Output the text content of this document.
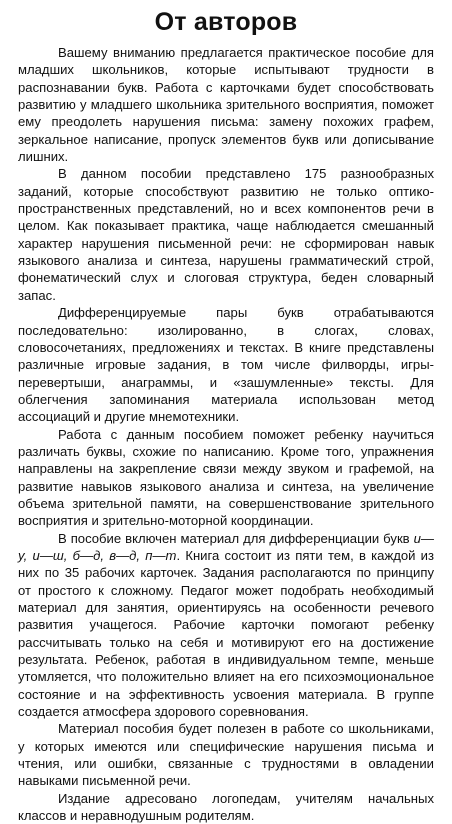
От авторов

Вашему вниманию предлагается практическое пособие для младших школьников, которые испытывают трудности в распознавании букв. Работа с карточками будет способствовать развитию у младшего школьника зрительного восприятия, поможет ему преодолеть нарушения письма: замену похожих графем, зеркальное написание, пропуск элементов букв или дописывание лишних.

В данном пособии представлено 175 разнообразных заданий, которые способствуют развитию не только оптико-пространственных представлений, но и всех компонентов речи в целом. Как показывает практика, чаще наблюдается смешанный характер нарушения письменной речи: не сформирован навык языкового анализа и синтеза, нарушены грамматический строй, фонематический слух и слоговая структура, беден словарный запас.

Дифференцируемые пары букв отрабатываются последовательно: изолированно, в слогах, словах, словосочетаниях, предложениях и текстах. В книге представлены различные игровые задания, в том числе филворды, игры-перевертыши, анаграммы, и «зашумленные» тексты. Для облегчения запоминания материала использован метод ассоциаций и другие мнемотехники.

Работа с данным пособием поможет ребенку научиться различать буквы, схожие по написанию. Кроме того, упражнения направлены на закрепление связи между звуком и графемой, на развитие навыков языкового анализа и синтеза, на увеличение объема зрительной памяти, на совершенствование зрительного восприятия и зрительно-моторной координации.

В пособие включен материал для дифференциации букв и—у, и—ш, б—д, в—д, п—т. Книга состоит из пяти тем, в каждой из них по 35 рабочих карточек. Задания располагаются по принципу от простого к сложному. Педагог может подобрать необходимый материал для занятия, ориентируясь на особенности речевого развития учащегося. Рабочие карточки помогают ребенку рассчитывать только на себя и мотивируют его на достижение результата. Ребенок, работая в индивидуальном темпе, меньше утомляется, что положительно влияет на его психоэмоциональное состояние и на эффективность усвоения материала. В группе создается атмосфера здорового соревнования.

Материал пособия будет полезен в работе со школьниками, у которых имеются или специфические нарушения письма и чтения, или ошибки, связанные с трудностями в овладении навыками письменной речи.

Издание адресовано логопедам, учителям начальных классов и неравнодушным родителям.
